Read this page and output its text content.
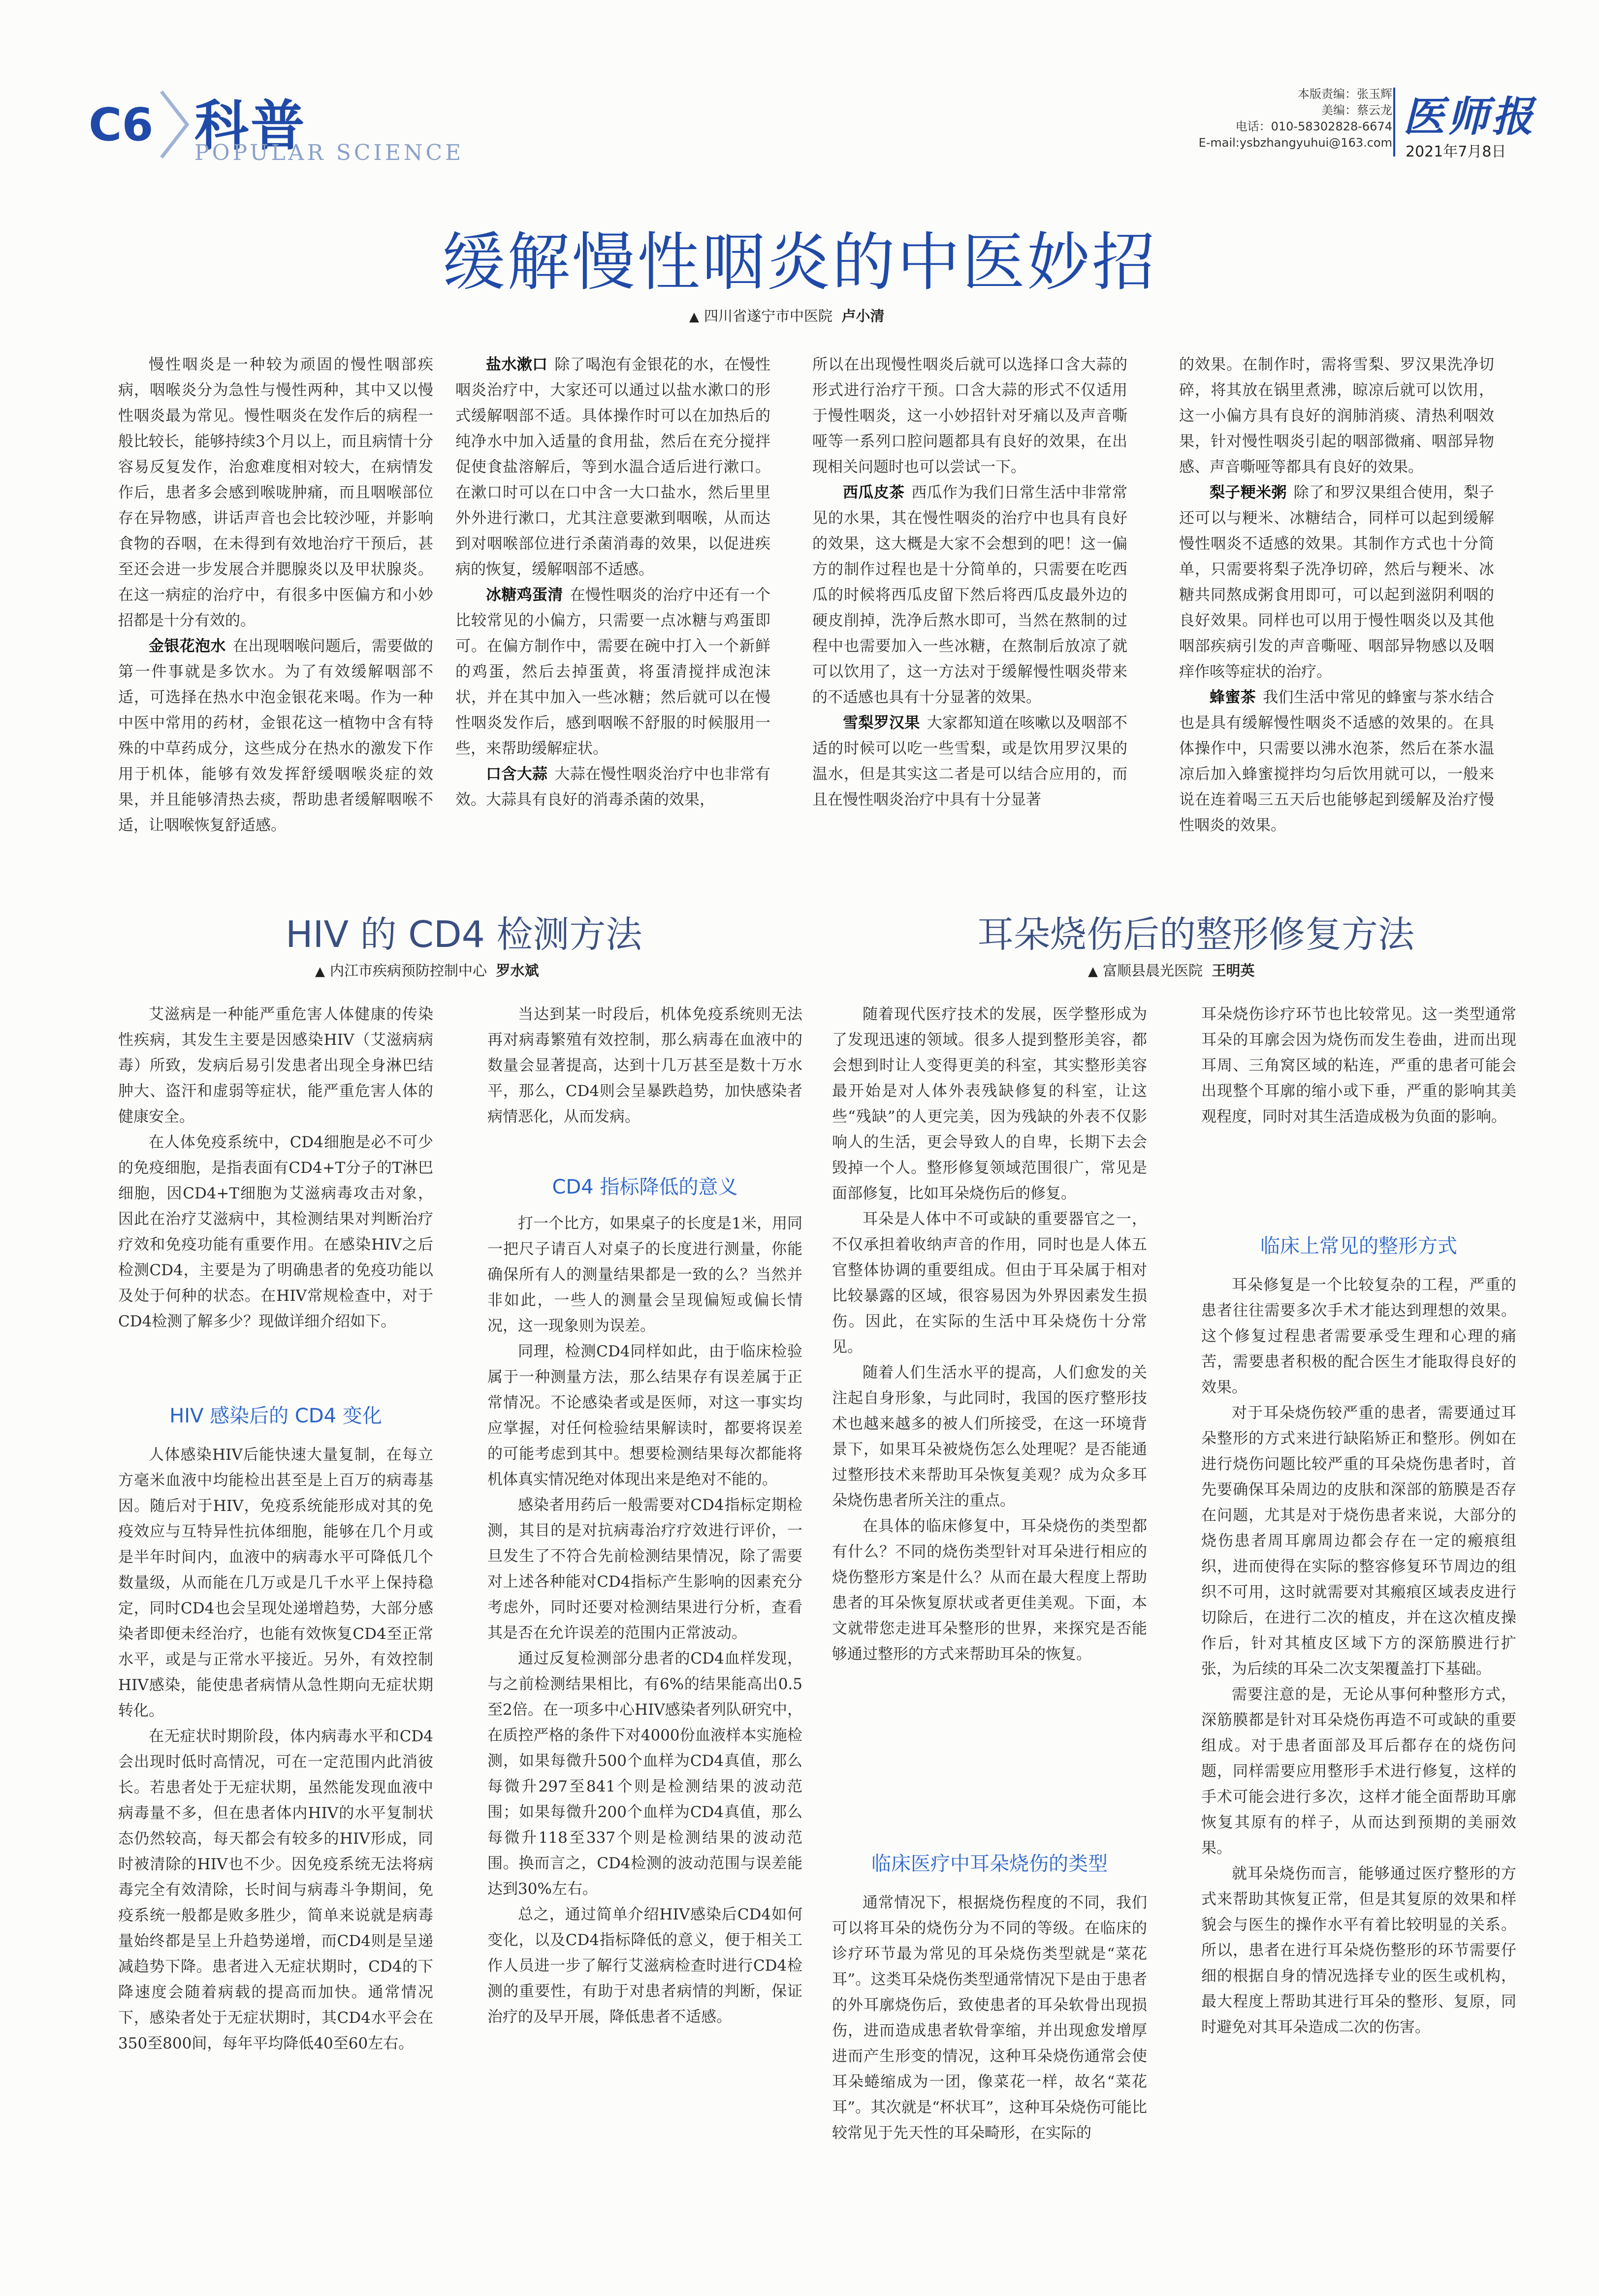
C6 科普
POPULAR SCIENCE
本版责编：张玉辉
美编：蔡云龙
电话：010-58302828-6674
E-mail:ysbzhangyuhui@163.com
医师报
2021年7月8日
缓解慢性咽炎的中医妙招
▲ 四川省遂宁市中医院 卢小清

慢性咽炎是一种较为顽固的慢性咽部疾病，咽喉炎分为急性与慢性两种，其中又以慢性咽炎最为常见。慢性咽炎在发作后的病程一般比较长，能够持续3个月以上，而且病情十分容易反复发作，治愈难度相对较大，在病情发作后，患者多会感到喉咙肿痛，而且咽喉部位存在异物感，讲话声音也会比较沙哑，并影响食物的吞咽，在未得到有效地治疗干预后，甚至还会进一步发展合并腮腺炎以及甲状腺炎。在这一病症的治疗中，有很多中医偏方和小妙招都是十分有效的。

金银花泡水 在出现咽喉问题后，需要做的第一件事就是多饮水。为了有效缓解咽部不适，可选择在热水中泡金银花来喝。作为一种中医中常用的药材，金银花这一植物中含有特殊的中草药成分，这些成分在热水的激发下作用于机体，能够有效发挥舒缓咽喉炎症的效果，并且能够清热去痰，帮助患者缓解咽喉不适，让咽喉恢复舒适感。

盐水漱口 除了喝泡有金银花的水，在慢性咽炎治疗中，大家还可以通过以盐水漱口的形式缓解咽部不适。具体操作时可以在加热后的纯净水中加入适量的食用盐，然后在充分搅拌促使食盐溶解后，等到水温合适后进行漱口。在漱口时可以在口中含一大口盐水，然后里里外外进行漱口，尤其注意要漱到咽喉，从而达到对咽喉部位进行杀菌消毒的效果，以促进疾病的恢复，缓解咽部不适感。

冰糖鸡蛋清 在慢性咽炎的治疗中还有一个比较常见的小偏方，只需要一点冰糖与鸡蛋即可。在偏方制作中，需要在碗中打入一个新鲜的鸡蛋，然后去掉蛋黄，将蛋清搅拌成泡沫状，并在其中加入一些冰糖；然后就可以在慢性咽炎发作后，感到咽喉不舒服的时候服用一些，来帮助缓解症状。

口含大蒜 大蒜在慢性咽炎治疗中也非常有效。大蒜具有良好的消毒杀菌的效果，

所以在出现慢性咽炎后就可以选择口含大蒜的形式进行治疗干预。口含大蒜的形式不仅适用于慢性咽炎，这一小妙招针对牙痛以及声音嘶哑等一系列口腔问题都具有良好的效果，在出现相关问题时也可以尝试一下。

西瓜皮茶 西瓜作为我们日常生活中非常常见的水果，其在慢性咽炎的治疗中也具有良好的效果，这大概是大家不会想到的吧！这一偏方的制作过程也是十分简单的，只需要在吃西瓜的时候将西瓜皮留下然后将西瓜皮最外边的硬皮削掉，洗净后熬水即可，当然在熬制的过程中也需要加入一些冰糖，在熬制后放凉了就可以饮用了，这一方法对于缓解慢性咽炎带来的不适感也具有十分显著的效果。

雪梨罗汉果 大家都知道在咳嗽以及咽部不适的时候可以吃一些雪梨，或是饮用罗汉果的温水，但是其实这二者是可以结合应用的，而且在慢性咽炎治疗中具有十分显著

的效果。在制作时，需将雪梨、罗汉果洗净切碎，将其放在锅里煮沸，晾凉后就可以饮用，这一小偏方具有良好的润肺消痰、清热利咽效果，针对慢性咽炎引起的咽部微痛、咽部异物感、声音嘶哑等都具有良好的效果。

梨子粳米粥 除了和罗汉果组合使用，梨子还可以与粳米、冰糖结合，同样可以起到缓解慢性咽炎不适感的效果。其制作方式也十分简单，只需要将梨子洗净切碎，然后与粳米、冰糖共同熬成粥食用即可，可以起到滋阴利咽的良好效果。同样也可以用于慢性咽炎以及其他咽部疾病引发的声音嘶哑、咽部异物感以及咽痒作咳等症状的治疗。

蜂蜜茶 我们生活中常见的蜂蜜与茶水结合也是具有缓解慢性咽炎不适感的效果的。在具体操作中，只需要以沸水泡茶，然后在茶水温凉后加入蜂蜜搅拌均匀后饮用就可以，一般来说在连着喝三五天后也能够起到缓解及治疗慢性咽炎的效果。

HIV 的 CD4 检测方法
▲ 内江市疾病预防控制中心 罗水斌

艾滋病是一种能严重危害人体健康的传染性疾病，其发生主要是因感染HIV（艾滋病病毒）所致，发病后易引发患者出现全身淋巴结肿大、盗汗和虚弱等症状，能严重危害人体的健康安全。

在人体免疫系统中，CD4细胞是必不可少的免疫细胞，是指表面有CD4+T分子的T淋巴细胞，因CD4+T细胞为艾滋病毒攻击对象，因此在治疗艾滋病中，其检测结果对判断治疗疗效和免疫功能有重要作用。在感染HIV之后检测CD4，主要是为了明确患者的免疫功能以及处于何种的状态。在HIV常规检查中，对于CD4检测了解多少？现做详细介绍如下。

HIV 感染后的 CD4 变化

人体感染HIV后能快速大量复制，在每立方毫米血液中均能检出甚至是上百万的病毒基因。随后对于HIV，免疫系统能形成对其的免疫效应与互特异性抗体细胞，能够在几个月或是半年时间内，血液中的病毒水平可降低几个数量级，从而能在几万或是几千水平上保持稳定，同时CD4也会呈现处递增趋势，大部分感染者即便未经治疗，也能有效恢复CD4至正常水平，或是与正常水平接近。另外，有效控制HIV感染，能使患者病情从急性期向无症状期转化。

在无症状时期阶段，体内病毒水平和CD4会出现时低时高情况，可在一定范围内此消彼长。若患者处于无症状期，虽然能发现血液中病毒量不多，但在患者体内HIV的水平复制状态仍然较高，每天都会有较多的HIV形成，同时被清除的HIV也不少。因免疫系统无法将病毒完全有效清除，长时间与病毒斗争期间，免疫系统一般都是败多胜少，简单来说就是病毒量始终都是呈上升趋势递增，而CD4则是呈递减趋势下降。患者进入无症状期时，CD4的下降速度会随着病载的提高而加快。通常情况下，感染者处于无症状期时，其CD4水平会在350至800间，每年平均降低40至60左右。

当达到某一时段后，机体免疫系统则无法再对病毒繁殖有效控制，那么病毒在血液中的数量会显著提高，达到十几万甚至是数十万水平，那么，CD4则会呈暴跌趋势，加快感染者病情恶化，从而发病。

CD4 指标降低的意义

打一个比方，如果桌子的长度是1米，用同一把尺子请百人对桌子的长度进行测量，你能确保所有人的测量结果都是一致的么？当然并非如此，一些人的测量会呈现偏短或偏长情况，这一现象则为误差。

同理，检测CD4同样如此，由于临床检验属于一种测量方法，那么结果存有误差属于正常情况。不论感染者或是医师，对这一事实均应掌握，对任何检验结果解读时，都要将误差的可能考虑到其中。想要检测结果每次都能将机体真实情况绝对体现出来是绝对不能的。

感染者用药后一般需要对CD4指标定期检测，其目的是对抗病毒治疗疗效进行评价，一旦发生了不符合先前检测结果情况，除了需要对上述各种能对CD4指标产生影响的因素充分考虑外，同时还要对检测结果进行分析，查看其是否在允许误差的范围内正常波动。

通过反复检测部分患者的CD4血样发现，与之前检测结果相比，有6%的结果能高出0.5至2倍。在一项多中心HIV感染者列队研究中，在质控严格的条件下对4000份血液样本实施检测，如果每微升500个血样为CD4真值，那么每微升297至841个则是检测结果的波动范围；如果每微升200个血样为CD4真值，那么每微升118至337个则是检测结果的波动范围。换而言之，CD4检测的波动范围与误差能达到30%左右。

总之，通过简单介绍HIV感染后CD4如何变化，以及CD4指标降低的意义，便于相关工作人员进一步了解行艾滋病检查时进行CD4检测的重要性，有助于对患者病情的判断，保证治疗的及早开展，降低患者不适感。

耳朵烧伤后的整形修复方法
▲ 富顺县晨光医院 王明英

随着现代医疗技术的发展，医学整形成为了发现迅速的领域。很多人提到整形美容，都会想到时让人变得更美的科室，其实整形美容最开始是对人体外表残缺修复的科室，让这些“残缺”的人更完美，因为残缺的外表不仅影响人的生活，更会导致人的自卑，长期下去会毁掉一个人。整形修复领域范围很广，常见是面部修复，比如耳朵烧伤后的修复。

耳朵是人体中不可或缺的重要器官之一，不仅承担着收纳声音的作用，同时也是人体五官整体协调的重要组成。但由于耳朵属于相对比较暴露的区域，很容易因为外界因素发生损伤。因此，在实际的生活中耳朵烧伤十分常见。

随着人们生活水平的提高，人们愈发的关注起自身形象，与此同时，我国的医疗整形技术也越来越多的被人们所接受，在这一环境背景下，如果耳朵被烧伤怎么处理呢？是否能通过整形技术来帮助耳朵恢复美观？成为众多耳朵烧伤患者所关注的重点。

在具体的临床修复中，耳朵烧伤的类型都有什么？不同的烧伤类型针对耳朵进行相应的烧伤整形方案是什么？从而在最大程度上帮助患者的耳朵恢复原状或者更佳美观。下面，本文就带您走进耳朵整形的世界，来探究是否能够通过整形的方式来帮助耳朵的恢复。

临床医疗中耳朵烧伤的类型

通常情况下，根据烧伤程度的不同，我们可以将耳朵的烧伤分为不同的等级。在临床的诊疗环节最为常见的耳朵烧伤类型就是“菜花耳”。这类耳朵烧伤类型通常情况下是由于患者的外耳廓烧伤后，致使患者的耳朵软骨出现损伤，进而造成患者软骨挛缩，并出现愈发增厚进而产生形变的情况，这种耳朵烧伤通常会使耳朵蜷缩成为一团，像菜花一样，故名“菜花耳”。其次就是“杯状耳”，这种耳朵烧伤可能比较常见于先天性的耳朵畸形，在实际的

耳朵烧伤诊疗环节也比较常见。这一类型通常耳朵的耳廓会因为烧伤而发生卷曲，进而出现耳周、三角窝区域的粘连，严重的患者可能会出现整个耳廓的缩小或下垂，严重的影响其美观程度，同时对其生活造成极为负面的影响。

临床上常见的整形方式

耳朵修复是一个比较复杂的工程，严重的患者往往需要多次手术才能达到理想的效果。这个修复过程患者需要承受生理和心理的痛苦，需要患者积极的配合医生才能取得良好的效果。

对于耳朵烧伤较严重的患者，需要通过耳朵整形的方式来进行缺陷矫正和整形。例如在进行烧伤问题比较严重的耳朵烧伤患者时，首先要确保耳朵周边的皮肤和深部的筋膜是否存在问题，尤其是对于烧伤患者来说，大部分的烧伤患者周耳廓周边都会存在一定的瘢痕组织，进而使得在实际的整容修复环节周边的组织不可用，这时就需要对其瘢痕区域表皮进行切除后，在进行二次的植皮，并在这次植皮操作后，针对其植皮区域下方的深筋膜进行扩张，为后续的耳朵二次支架覆盖打下基础。

需要注意的是，无论从事何种整形方式，深筋膜都是针对耳朵烧伤再造不可或缺的重要组成。对于患者面部及耳后都存在的烧伤问题，同样需要应用整形手术进行修复，这样的手术可能会进行多次，这样才能全面帮助耳廓恢复其原有的样子，从而达到预期的美丽效果。

就耳朵烧伤而言，能够通过医疗整形的方式来帮助其恢复正常，但是其复原的效果和样貌会与医生的操作水平有着比较明显的关系。所以，患者在进行耳朵烧伤整形的环节需要仔细的根据自身的情况选择专业的医生或机构，最大程度上帮助其进行耳朵的整形、复原，同时避免对其耳朵造成二次的伤害。
